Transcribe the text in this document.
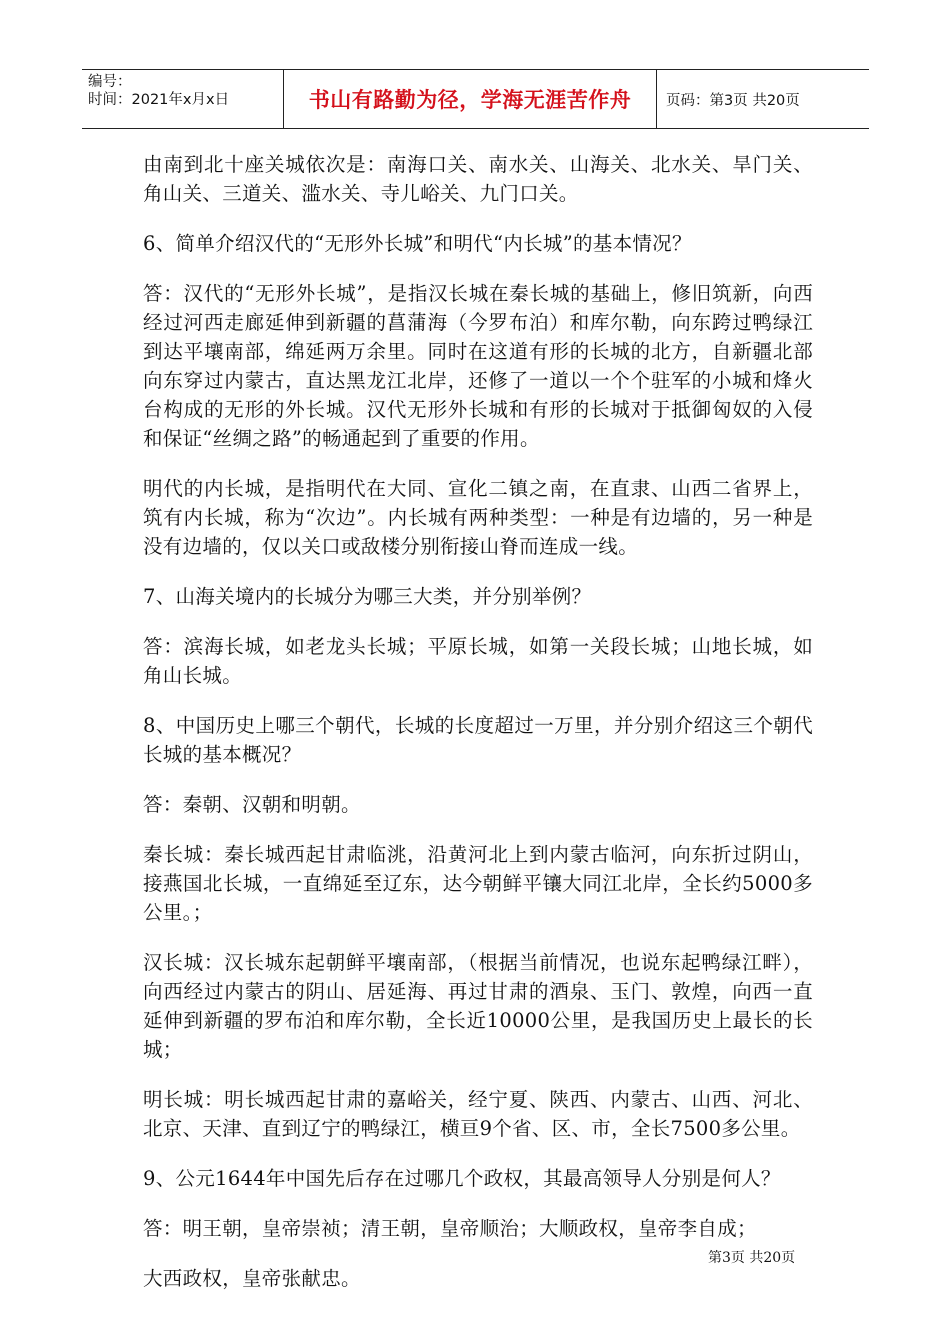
编号：
时间：2021年x月x日	书山有路勤为径，学海无涯苦作舟	页码：第3页 共20页

由南到北十座关城依次是：南海口关、南水关、山海关、北水关、旱门关、角山关、三道关、滥水关、寺儿峪关、九门口关。

6、简单介绍汉代的“无形外长城”和明代“内长城”的基本情况？

答：汉代的“无形外长城”，是指汉长城在秦长城的基础上，修旧筑新，向西经过河西走廊延伸到新疆的菖蒲海（今罗布泊）和库尔勒，向东跨过鸭绿江到达平壤南部，绵延两万余里。同时在这道有形的长城的北方，自新疆北部向东穿过内蒙古，直达黑龙江北岸，还修了一道以一个个驻军的小城和烽火台构成的无形的外长城。汉代无形外长城和有形的长城对于抵御匈奴的入侵和保证“丝绸之路”的畅通起到了重要的作用。

明代的内长城，是指明代在大同、宣化二镇之南，在直隶、山西二省界上，筑有内长城，称为“次边”。内长城有两种类型：一种是有边墙的，另一种是没有边墙的，仅以关口或敌楼分别衔接山脊而连成一线。

7、山海关境内的长城分为哪三大类，并分别举例？

答：滨海长城，如老龙头长城；平原长城，如第一关段长城；山地长城，如角山长城。

8、中国历史上哪三个朝代，长城的长度超过一万里，并分别介绍这三个朝代长城的基本概况？

答：秦朝、汉朝和明朝。

秦长城：秦长城西起甘肃临洮，沿黄河北上到内蒙古临河，向东折过阴山，接燕国北长城，一直绵延至辽东，达今朝鲜平镶大同江北岸，全长约5000多公里。；

汉长城：汉长城东起朝鲜平壤南部，（根据当前情况，也说东起鸭绿江畔），向西经过内蒙古的阴山、居延海、再过甘肃的酒泉、玉门、敦煌，向西一直延伸到新疆的罗布泊和库尔勒，全长近10000公里，是我国历史上最长的长城；

明长城：明长城西起甘肃的嘉峪关，经宁夏、陕西、内蒙古、山西、河北、北京、天津、直到辽宁的鸭绿江，横亘9个省、区、市，全长7500多公里。

9、公元1644年中国先后存在过哪几个政权，其最高领导人分别是何人？

答：明王朝，皇帝崇祯；清王朝，皇帝顺治；大顺政权，皇帝李自成；

大西政权，皇帝张献忠。

第3页 共20页
